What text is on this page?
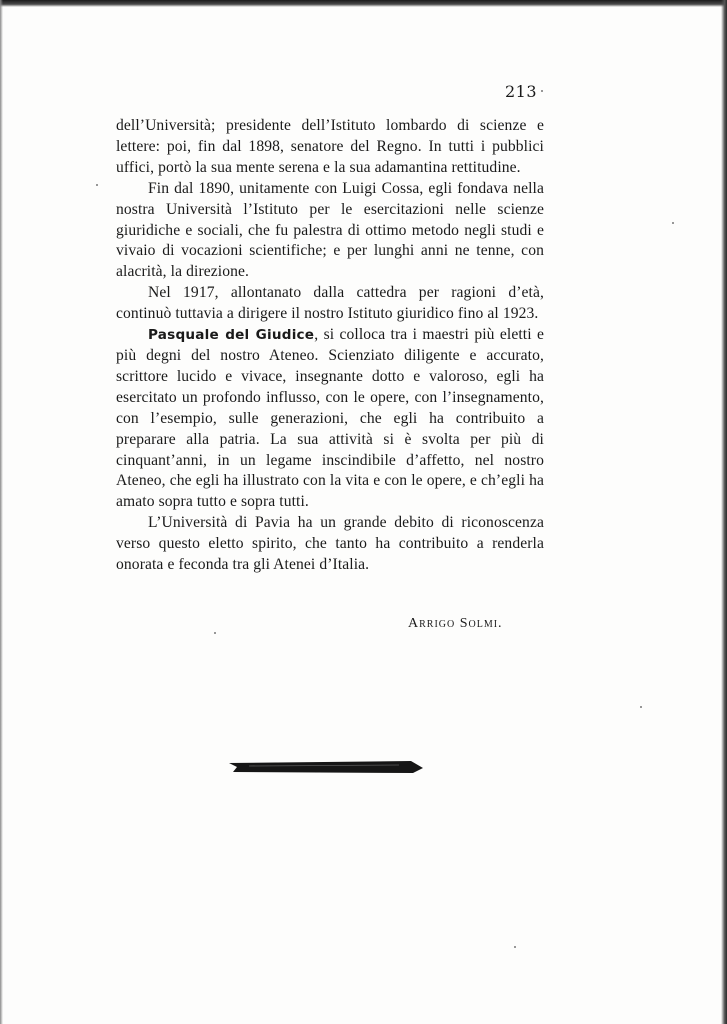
213

dell’Università; presidente dell’Istituto lombardo di scienze e lettere: poi, fin dal 1898, senatore del Regno. In tutti i pubblici uffici, portò la sua mente serena e la sua adamantina rettitudine.

Fin dal 1890, unitamente con Luigi Cossa, egli fondava nella nostra Università l’Istituto per le esercitazioni nelle scienze giuridiche e sociali, che fu palestra di ottimo metodo negli studi e vivaio di vocazioni scientifiche; e per lunghi anni ne tenne, con alacrità, la direzione.

Nel 1917, allontanato dalla cattedra per ragioni d’età, continuò tuttavia a dirigere il nostro Istituto giuridico fino al 1923.

Pasquale del Giudice, si colloca tra i maestri più eletti e più degni del nostro Ateneo. Scienziato diligente e accurato, scrittore lucido e vivace, insegnante dotto e valoroso, egli ha esercitato un profondo influsso, con le opere, con l’insegnamento, con l’esempio, sulle generazioni, che egli ha contribuito a preparare alla patria. La sua attività si è svolta per più di cinquant’anni, in un legame inscindibile d’affetto, nel nostro Ateneo, che egli ha illustrato con la vita e con le opere, e ch’egli ha amato sopra tutto e sopra tutti.

L’Università di Pavia ha un grande debito di riconoscenza verso questo eletto spirito, che tanto ha contribuito a renderla onorata e feconda tra gli Atenei d’Italia.

Arrigo Solmi.
